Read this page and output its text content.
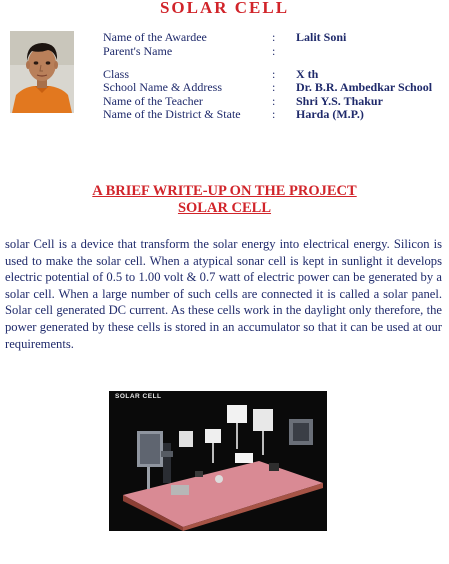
SOLAR CELL
Name of the Awardee	:	Lalit Soni
Parent's Name	:
Class	:	X th
School Name & Address	:	Dr. B.R. Ambedkar School
Name of the Teacher	:	Shri Y.S. Thakur
Name of the District & State	:	Harda (M.P.)
A BRIEF WRITE-UP ON THE PROJECT
SOLAR CELL
solar Cell is a device that transform the solar energy into electrical energy. Silicon is used to make the solar cell. When a atypical sonar cell is kept in sunlight it develops electric potential of 0.5 to 1.00 volt & 0.7 watt of electric power can be generated by a solar cell. When a large number of such cells are connected it is called a solar panel. Solar cell generated DC current. As these cells work in the daylight only therefore, the power generated by these cells is stored in an accumulator so that it can be used at our requirements.
SOLAR CELL
